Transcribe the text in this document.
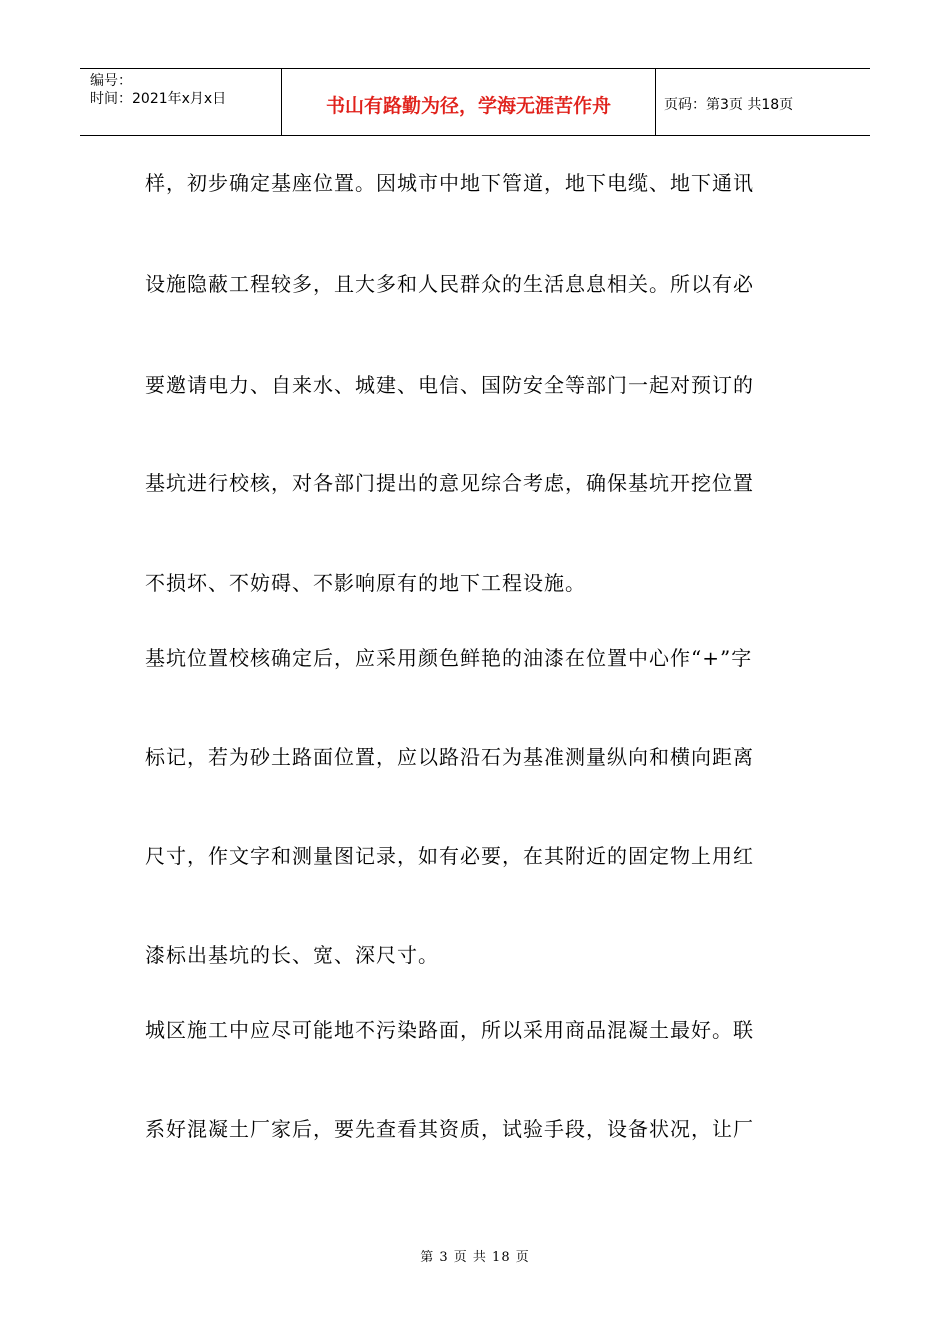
编号：
时间：2021年x月x日	书山有路勤为径，学海无涯苦作舟	页码：第3页 共18页

样，初步确定基座位置。因城市中地下管道，地下电缆、地下通讯

设施隐蔽工程较多，且大多和人民群众的生活息息相关。所以有必

要邀请电力、自来水、城建、电信、国防安全等部门一起对预订的

基坑进行校核，对各部门提出的意见综合考虑，确保基坑开挖位置

不损坏、不妨碍、不影响原有的地下工程设施。

基坑位置校核确定后，应采用颜色鲜艳的油漆在位置中心作“+”字

标记，若为砂土路面位置，应以路沿石为基准测量纵向和横向距离

尺寸，作文字和测量图记录，如有必要，在其附近的固定物上用红

漆标出基坑的长、宽、深尺寸。

城区施工中应尽可能地不污染路面，所以采用商品混凝土最好。联

系好混凝土厂家后，要先查看其资质，试验手段，设备状况，让厂

第 3 页 共 18 页
